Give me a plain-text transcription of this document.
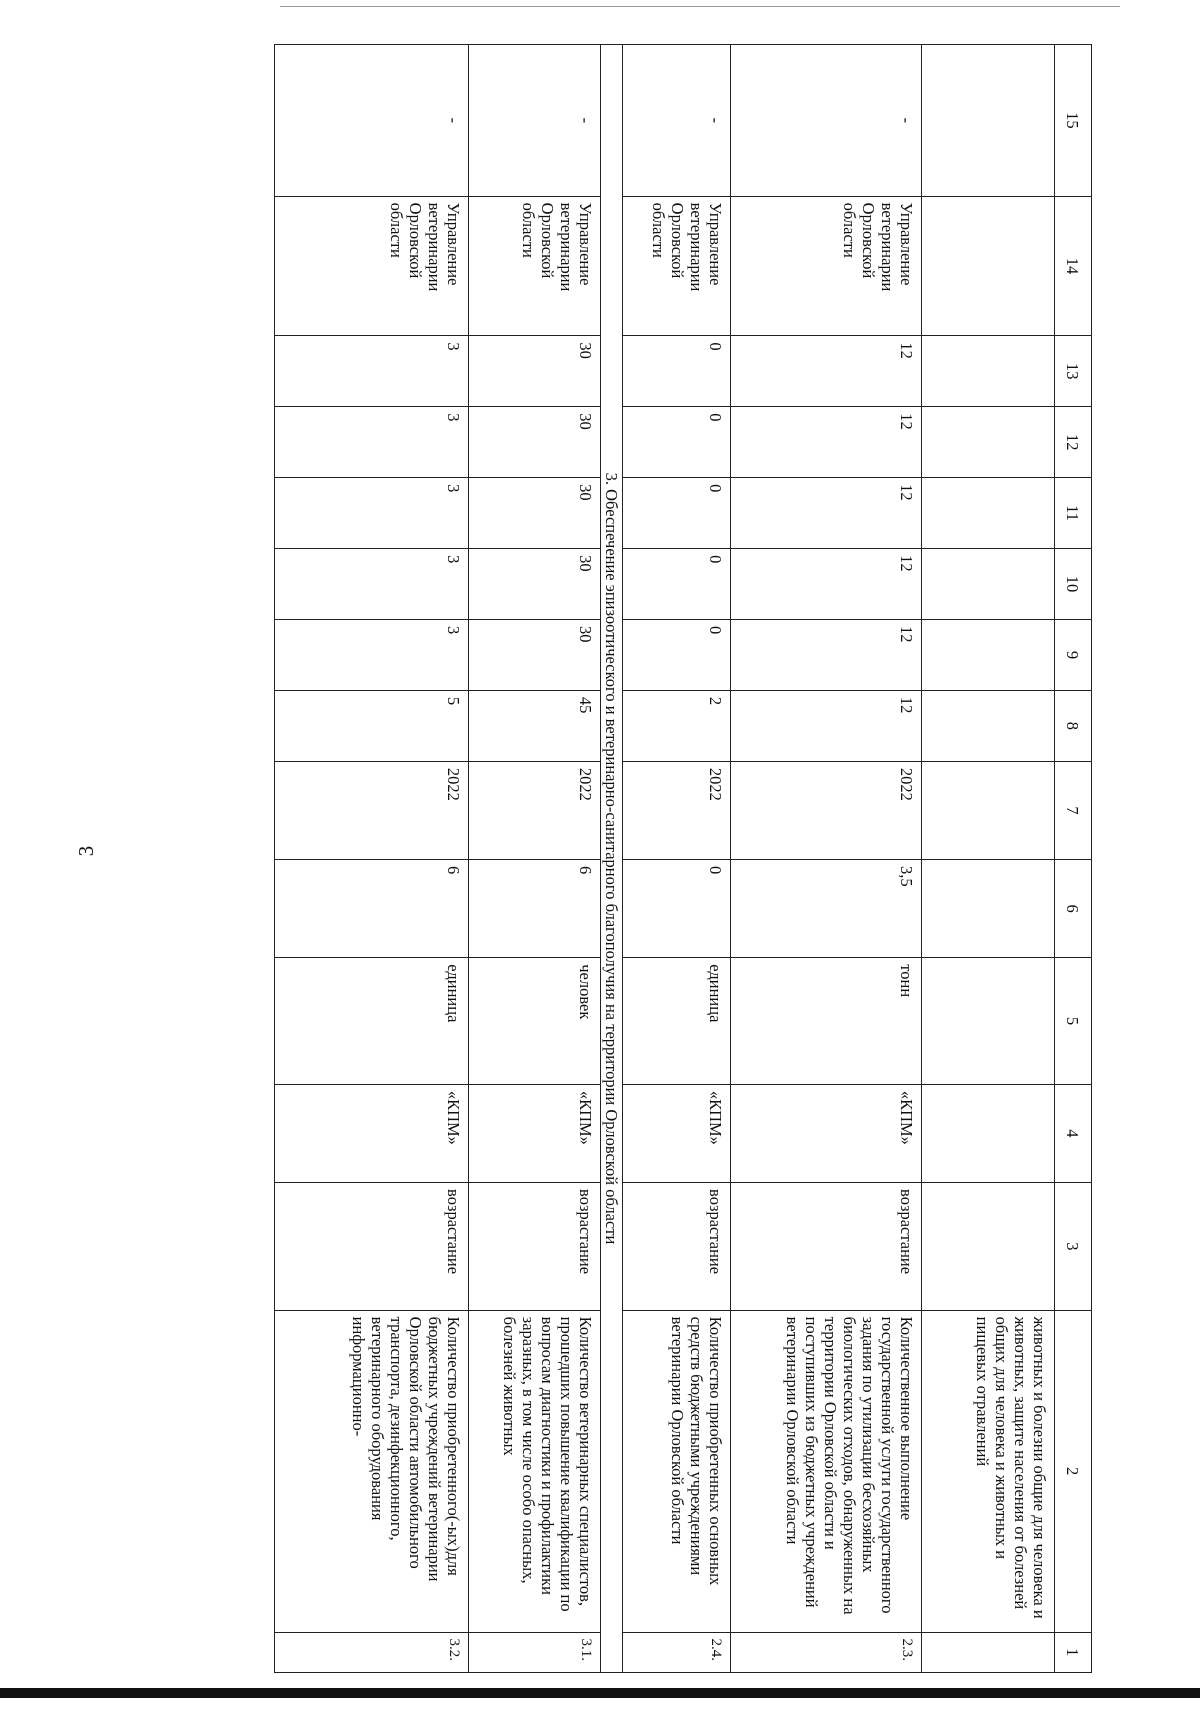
3
15	14	13	12	11	10	9	8	7	6	5	4	3	2	1
													животных и болезни общие для человека и животных, защите населения от болезней общих для человека и животных и пищевых отравлений	
-	Управление ветеринарии Орловской области	12	12	12	12	12	12	2022	3,5	тонн	«КПМ»	возрастание	Количественное выполнение государственной услуги государственного задания по утилизации бесхозяйных биологических отходов, обнаруженных на территории Орловской области и поступивших из бюджетных учреждений ветеринарии Орловской области	2.3.
-	Управление ветеринарии Орловской области	0	0	0	0	0	2	2022	0	единица	«КПМ»	возрастание	Количество приобретенных основных средств бюджетными учреждениями ветеринарии Орловской области	2.4.
3. Обеспечение эпизоотического и ветеринарно-санитарного благополучия на территории Орловской области														
-	Управление ветеринарии Орловской области	30	30	30	30	30	45	2022	6	человек	«КПМ»	возрастание	Количество ветеринарных специалистов, прошедших повышение квалификации по вопросам диагностики и профилактики заразных, в том числе особо опасных, болезней животных	3.1.
-	Управление ветеринарии Орловской области	3	3	3	3	3	5	2022	6	единица	«КПМ»	возрастание	Количество приобретенного(-ых)для бюджетных учреждений ветеринарии Орловской области автомобильного транспорта, дезинфекционного, ветеринарного оборудования информационно-	3.2.
